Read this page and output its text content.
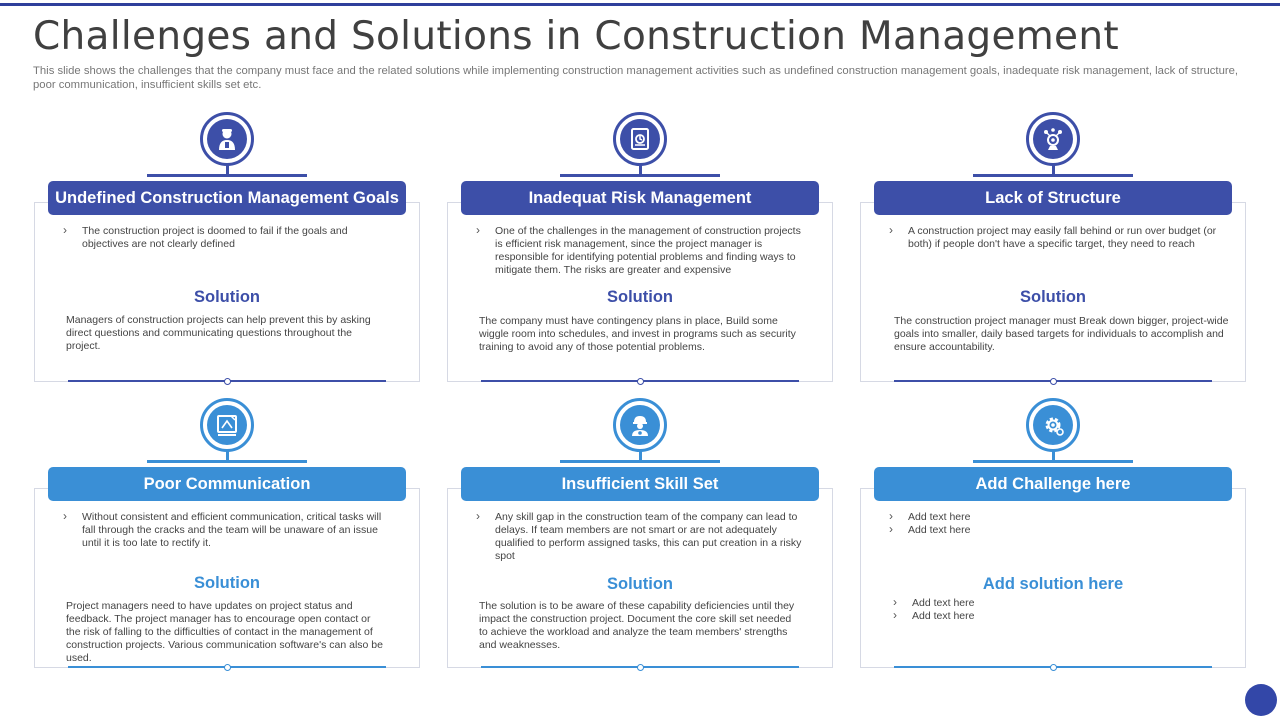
Challenges and Solutions in Construction Management

This slide shows the challenges that the company must face and the related solutions while implementing construction management activities such as undefined construction management goals, inadequate risk management, lack of structure, poor communication, insufficient skills set etc.

Undefined Construction Management Goals
› The construction project is doomed to fail if the goals and objectives are not clearly defined
Solution

Managers of construction projects can help prevent this by asking direct questions and communicating questions throughout the project.

Inadequat Risk Management
› One of the challenges in the management of construction projects is efficient risk management, since the project manager is responsible for identifying potential problems and finding ways to mitigate them. The risks are greater and expensive
Solution

The company must have contingency plans in place, Build some wiggle room into schedules, and invest in programs such as security training to avoid any of those potential problems.

Lack of Structure
› A construction project may easily fall behind or run over budget (or both) if people don't have a specific target, they need to reach
Solution

The construction project manager must Break down bigger, project-wide goals into smaller, daily based targets for individuals to accomplish and ensure accountability.

Poor Communication
› Without consistent and efficient communication, critical tasks will fall through the cracks and the team will be unaware of an issue until it is too late to rectify it.
Solution

Project managers need to have updates on project status and feedback. The project manager has to encourage open contact or the risk of falling to the difficulties of contact in the management of construction projects. Various communication software's can also be used.

Insufficient Skill Set
› Any skill gap in the construction team of the company can lead to delays. If team members are not smart or are not adequately qualified to perform assigned tasks, this can put creation in a risky spot
Solution

The solution is to be aware of these capability deficiencies until they impact the construction project. Document the core skill set needed to achieve the workload and analyze the team members' strengths and weaknesses.

Add Challenge here
› Add text here
› Add text here
Add solution here
› Add text here
› Add text here
